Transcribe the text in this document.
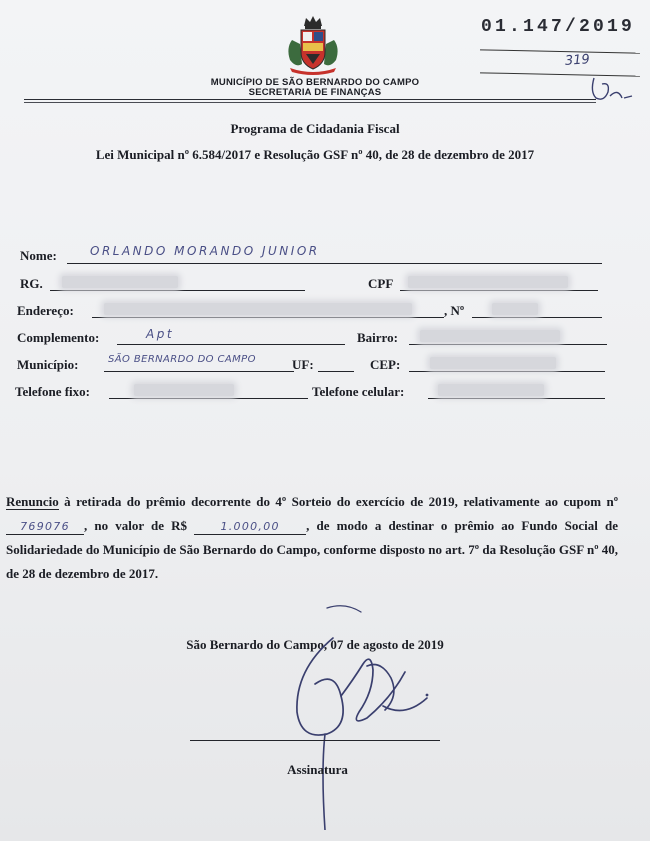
MUNICÍPIO DE SÃO BERNARDO DO CAMPO
SECRETARIA DE FINANÇAS
01.147/2019
319
Programa de Cidadania Fiscal
Lei Municipal nº 6.584/2017 e Resolução GSF nº 40, de 28 de dezembro de 2017
Nome:	ORLANDO MORANDO JUNIOR
RG.	CPF
Endereço:	, Nº
Complemento:	Apt	Bairro:
Município:	SÃO BERNARDO DO CAMPO	UF:	CEP:
Telefone fixo:	Telefone celular:
Renuncio à retirada do prêmio decorrente do 4º Sorteio do exercício de 2019, relativamente ao cupom nº 769076 , no valor de R$ 1.000,00 , de modo a destinar o prêmio ao Fundo Social de Solidariedade do Município de São Bernardo do Campo, conforme disposto no art. 7º da Resolução GSF nº 40, de 28 de dezembro de 2017.
São Bernardo do Campo, 07 de agosto de 2019
Assinatura
